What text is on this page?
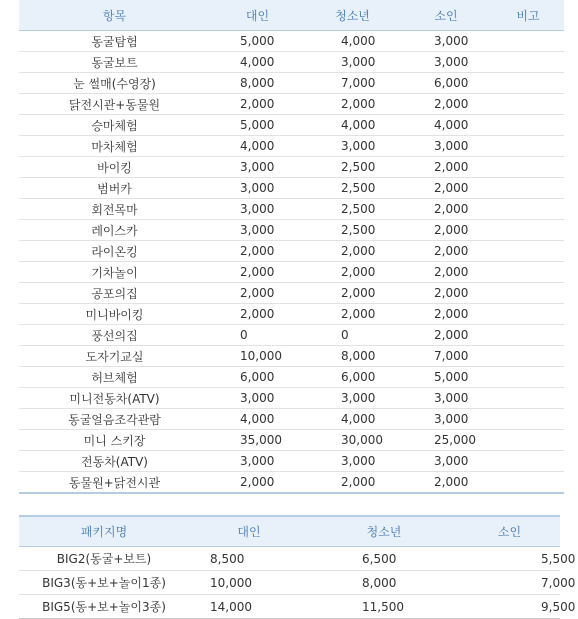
항목	대인	청소년	소인	비고
동굴탐험	5,000	4,000	3,000	
동굴보트	4,000	3,000	3,000	
눈 썰매(수영장)	8,000	7,000	6,000	
닭전시관+동물원	2,000	2,000	2,000	
승마체험	5,000	4,000	4,000	
마차체험	4,000	3,000	3,000	
바이킹	3,000	2,500	2,000	
범버카	3,000	2,500	2,000	
회전목마	3,000	2,500	2,000	
레이스카	3,000	2,500	2,000	
라이온킹	2,000	2,000	2,000	
기차놀이	2,000	2,000	2,000	
공포의집	2,000	2,000	2,000	
미니바이킹	2,000	2,000	2,000	
풍선의집	0	0	2,000	
도자기교실	10,000	8,000	7,000	
허브체험	6,000	6,000	5,000	
미니전동차(ATV)	3,000	3,000	3,000	
동굴얼음조각관람	4,000	4,000	3,000	
미니 스키장	35,000	30,000	25,000	
전동차(ATV)	3,000	3,000	3,000	
동물원+닭전시관	2,000	2,000	2,000	
패키지명	대인	청소년	소인
BIG2(동굴+보트)	8,500	6,500	5,500
BIG3(동+보+놀이1종)	10,000	8,000	7,000
BIG5(동+보+놀이3종)	14,000	11,500	9,500
